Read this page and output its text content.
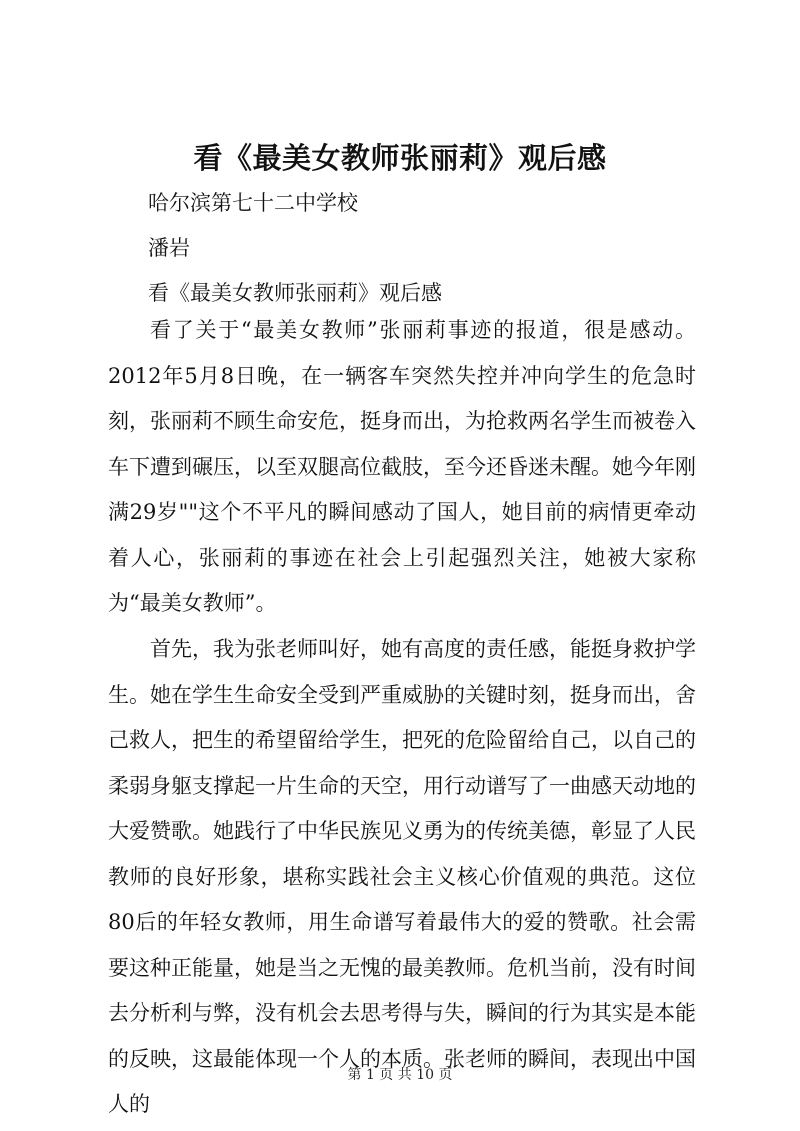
看《最美女教师张丽莉》观后感
哈尔滨第七十二中学校
潘岩
看《最美女教师张丽莉》观后感

看了关于“最美女教师”张丽莉事迹的报道，很是感动。2012年5月8日晚，在一辆客车突然失控并冲向学生的危急时刻，张丽莉不顾生命安危，挺身而出，为抢救两名学生而被卷入车下遭到碾压，以至双腿高位截肢，至今还昏迷未醒。她今年刚满29岁""这个不平凡的瞬间感动了国人，她目前的病情更牵动着人心，张丽莉的事迹在社会上引起强烈关注，她被大家称为“最美女教师”。

首先，我为张老师叫好，她有高度的责任感，能挺身救护学生。她在学生生命安全受到严重威胁的关键时刻，挺身而出，舍己救人，把生的希望留给学生，把死的危险留给自己，以自己的柔弱身躯支撑起一片生命的天空，用行动谱写了一曲感天动地的大爱赞歌。她践行了中华民族见义勇为的传统美德，彰显了人民教师的良好形象，堪称实践社会主义核心价值观的典范。这位80后的年轻女教师，用生命谱写着最伟大的爱的赞歌。社会需要这种正能量，她是当之无愧的最美教师。危机当前，没有时间去分析利与弊，没有机会去思考得与失，瞬间的行为其实是本能的反映，这最能体现一个人的本质。张老师的瞬间，表现出中国人的

第 1 页 共 10 页
